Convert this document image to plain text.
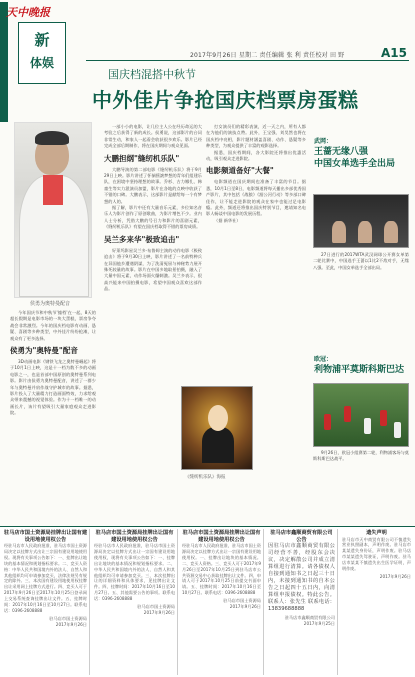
天中晚报
新
体娱
2017年9月26日 星期二 责任编辑 张 利 责任校对 田 野	A15
国庆档混搭中秋节
中外佳片争抢国庆档票房蛋糕
侯勇为奥特曼配音

今年国庆节和中秋节'撞档'在一起，8天的超长假期是电影市场的一块大蛋糕，票房争夺战会非常激烈。今年的国庆档电影有动画、悬疑、喜剧等多种类型，中外佳片纷纷抢滩，让观众有了更多选择。

侯勇为"奥特曼"配音

3D动画电影《钢铁飞龙之奥特曼崛起》将于10月1日上映，这是十一档为数不多的动画电影之一，也是首部中国原创的奥特曼系列电影。影片由侯勇为奥特曼配音，讲述了一群少年与奥特曼并肩作战守护城市的故事。据悉，影片投入了大量精力打造画面特效，力求给观众带来震撼的视觉体验。作为十一档唯一的动画长片，该片有望吸引大量家庭观众走进影院。

一部小小的电影，让几位主人公在经历命运的大考验之后获得了新的成长。侯勇说，这部影片的台词非常生动，和家人一起看会收获很多欢乐。影片已经完成全部后期制作，将在国庆期间与观众见面。

大鹏担纲"缝纫机乐队"

大鹏导演的第二部电影《缝纫机乐队》将于9月29日上映。影片讲述了怀揣摇滚梦想的青年们组建乐队，在困境中坚持理想的故事。乔杉、古力娜扎、韩童生等实力派演员加盟，影片在各地的点映中收获了不错的口碑。大鹏表示，这部影片是献给每一个有梦想的人的。

据了解，影片中还有大量音乐元素，多位知名音乐人为影片创作了原创歌曲，为影片增色不少。业内人士分析，凭借大鹏的号召力和影片的喜剧元素，《缝纫机乐队》有望在国庆档取得不错的票房成绩。

吴兰多来华"极致追击"

好莱坞影星吴兰多·布鲁姆主演的动作电影《极致追击》将于9月30日上映，影片讲述了一名前特种兵在异国他乡遭遇阴谋，为了洗清冤屈与神秘势力展开殊死较量的故事。影片在中国多地取景拍摄，融入了大量中国元素，动作场面火爆刺激。吴兰多表示，很高兴能来中国拍摄电影，希望中国观众喜欢这部作品。

打女演员们的精彩表演，近一天之内，所有人都在为他们的演技点赞。此外，王宝强、刘昊然也将在国庆档中亮相，影片题材涵盖喜剧、动作、悬疑等多种类型，为观众提供了丰富的观影选择。

据悉，国庆档期间，各大影院还将推出优惠活动，吸引观众走进影院。

电影频道备好"大餐"

电影频道在国庆期间也准备了丰富的节目。据悉，10月1日至8日，电影频道将每天播出多部优秀国产影片，其中包括《战狼》《湄公河行动》等多部口碑佳作，让不能走进影院的观众在家中也能过足电影瘾。此外，频道还将推出国庆特别节目，邀请知名电影人畅谈中国电影的发展历程。

（据 新华社）

《缝纫机乐队》海报
武网：
王蔷无缘八强
中国女单选手全出局

27日进行的2017WTA武汉网球公开赛女单第二轮比赛中，中国选手王蔷以1比2不敌对手，无缘八强。至此，中国女单选手全部出局。

欧冠：
利物浦平莫斯科斯巴达

9月26日，欧冠小组赛第二轮，利物浦客场与莫斯科斯巴达战平。

驻马店市国土资源局挂牌出让国有建设用地使用权公告
经驻马店市人民政府批准，驻马店市国土资源局决定以挂牌方式出让三宗国有建设用地使用权。现将有关事项公告如下：一、挂牌出让地块的基本情况和规划指标要求。二、竞买人资格：中华人民共和国境内外的法人、自然人和其他组织均可申请参加竞买，法律法规另有规定的除外。三、本次国有建设用地使用权挂牌出让采用网上挂牌方式进行。四、竞买人可于2017年9月26日至2017年10月25日登录网上交易系统查询挂牌出让文件。五、挂牌时间：2017年10月16日至10月27日。联系电话：0396-2608888
驻马店市国土资源局
2017年9月26日
驻马店市国土资源局挂牌出让国有建设用地使用权公告
经驻马店市人民政府批准，驻马店市国土资源局决定以挂牌方式出让一宗国有建设用地使用权，现将有关事项公告如下：一、挂牌出让地块的基本情况和规划指标要求。二、中华人民共和国境内外的法人、自然人和其他组织均可申请参加竞买。三、本次挂牌出让的详细资料和具体要求，见挂牌出让文件。四、挂牌时间：2017年10月16日至10月27日。五、其他需要公告的事项。联系电话：0396-2608888
驻马店市国土资源局
2017年9月26日
驻马店市国土资源局挂牌出让国有建设用地使用权公告
经驻马店市人民政府批准，驻马店市国土资源局决定以挂牌方式出让一宗国有建设用地使用权。一、挂牌出让地块的基本情况。二、竞买人资格。三、竞买人可于2017年9月26日至2017年10月25日到驻马店市公共资源交易中心获取挂牌出让文件。四、申请人可于2017年10月25日前提交书面申请。五、挂牌时间：2017年10月16日至10月27日。联系电话：0396-2608888
驻马店市国土资源局
2017年9月26日
驻马店市鑫顺商贸有限公司公告
因驻马店市鑫顺商贸有限公司经营不善，经股东会决议，决定解散公司并成立清算组进行清算。请各债权人自接到通知书之日起三十日内，未接到通知书的自本公告之日起四十五日内，向清算组申报债权。特此公告。联系人：张先生 联系电话：13839688888
驻马店市鑫顺商贸有限公司
2017年9月25日
遗失声明
驻马店市天中商贸有限公司不慎遗失营业执照副本，声明作废。驻马店市某某遗失身份证，声明作废。驻马店市某某遗失驾驶证，声明作废。驻马店市某某不慎遗失出生医学证明，声明作废。
2017年9月26日
